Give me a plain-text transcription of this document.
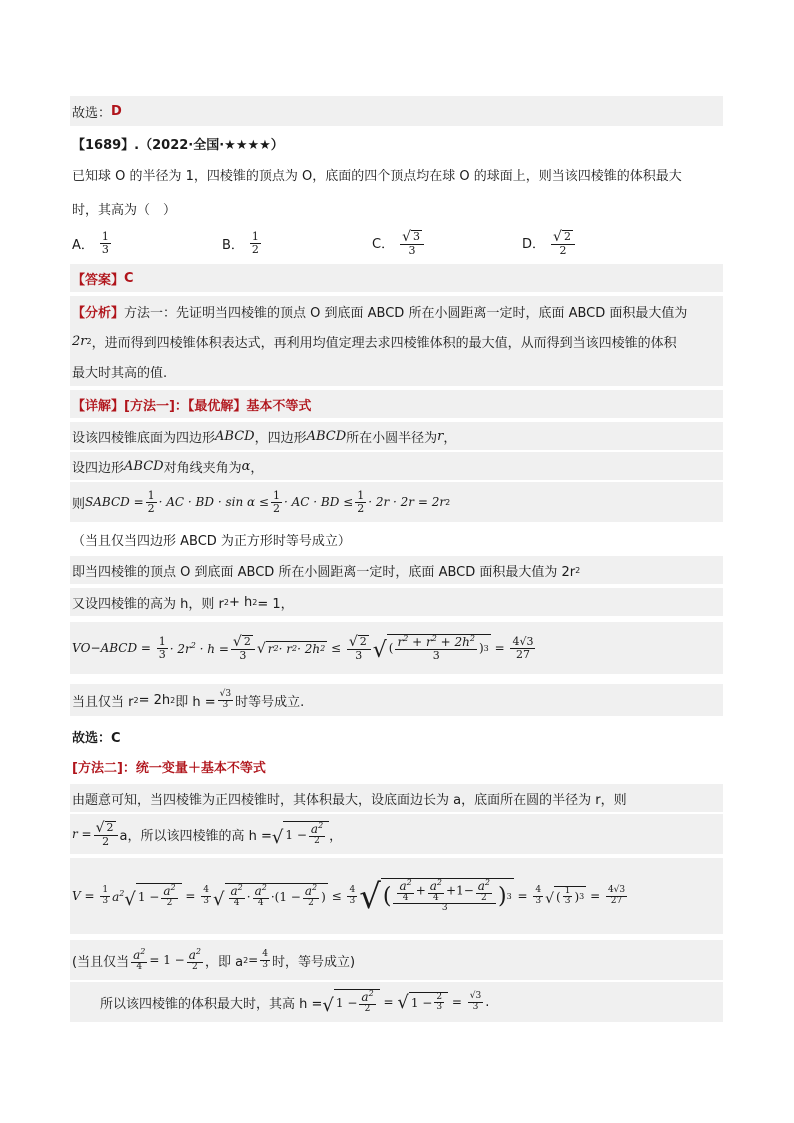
故选： D
【1689】.（2022·全国·★★★★）
已知球 O 的半径为 1，四棱锥的顶点为 O，底面的四个顶点均在球 O 的球面上，则当该四棱锥的体积最大
时，其高为（　）
A． $\frac{1}{3}$	B． $\frac{1}{2}$	C． $\frac{√ 3}{3}$	D． $\frac{√ 2}{2}$
【答案】 C
【分析】 方法一：先证明当四棱锥的顶点 O 到底面 ABCD 所在小圆距离一定时，底面 ABCD 面积最大值为
2r 2 ，进而得到四棱锥体积表达式，再利用均值定理去求四棱锥体积的最大值，从而得到当该四棱锥的体积
最大时其高的值.
【详解】 [方法一]：【最优解】基本不等式
设该四棱锥底面为四边形 ABCD ，四边形 ABCD 所在小圆半径为 r ，
设四边形 ABCD 对角线夹角为 α ，
则 S ABCD = $\frac{1}{2}$ · AC · BD · $\sin \alpha \le \frac{1}{2}$ · AC · BD ≤ $\frac{1}{2} \cdot 2r \cdot 2r = 2r$ 2
（当且仅当四边形 ABCD 为正方形时等号成立）
即当四棱锥的顶点 O 到底面 ABCD 所在小圆距离一定时，底面 ABCD 面积最大值为 2r 2
又设四棱锥的高为 h，则 r 2 + h 2 = 1，
V O−ABCD = $\frac{1}{3} \cdot 2r^2 \cdot h = \frac{√ 2}{3}$ √ r 2 · r 2 · 2h $2 \le \frac{√ 2}{3}$ √ ( $\frac{r^2 + r^2 + 2h^2}{3}$ ) $3 = \frac{4√3}{27}$
当且仅当 r 2 = 2h 2 即 $h = \frac{√3}{3}$ 时等号成立.
故选：C
[方法二]：统一变量＋基本不等式
由题意可知，当四棱锥为正四棱锥时，其体积最大，设底面边长为 a，底面所在圆的半径为 r，则
$r = \frac{√ 2}{2}$ a，所以该四棱锥的高 h = √ $1 - \frac{a^2}{2}$ ，
$V = \frac{1}{3} a^2$ √ $1 - \frac{a^2}{2} = \frac{4}{3}$ √ $\frac{a^2}{4} \cdot \frac{a^2}{4} \cdot(1 - \frac{a^2}{2}$ ) ≤ $\frac{4}{3}$ √ ( $\frac{\frac{a^2}{4} + \frac{a^2}{4} +1- \frac{a^2}{2}}{3}$ ) $3 = \frac{4}{3}$ √ ( $\frac{1}{3}$ ) $3 = \frac{4√3}{27}$
(当且仅当 $\frac{a^2}{4} = 1 - \frac{a^2}{2}$ ，即 a $2 = \frac{4}{3}$ 时，等号成立)
所以该四棱锥的体积最大时，其高 h = √ $1 - \frac{a^2}{2}$ = √ $1 - \frac{2}{3} = \frac{√3}{3}$ .
